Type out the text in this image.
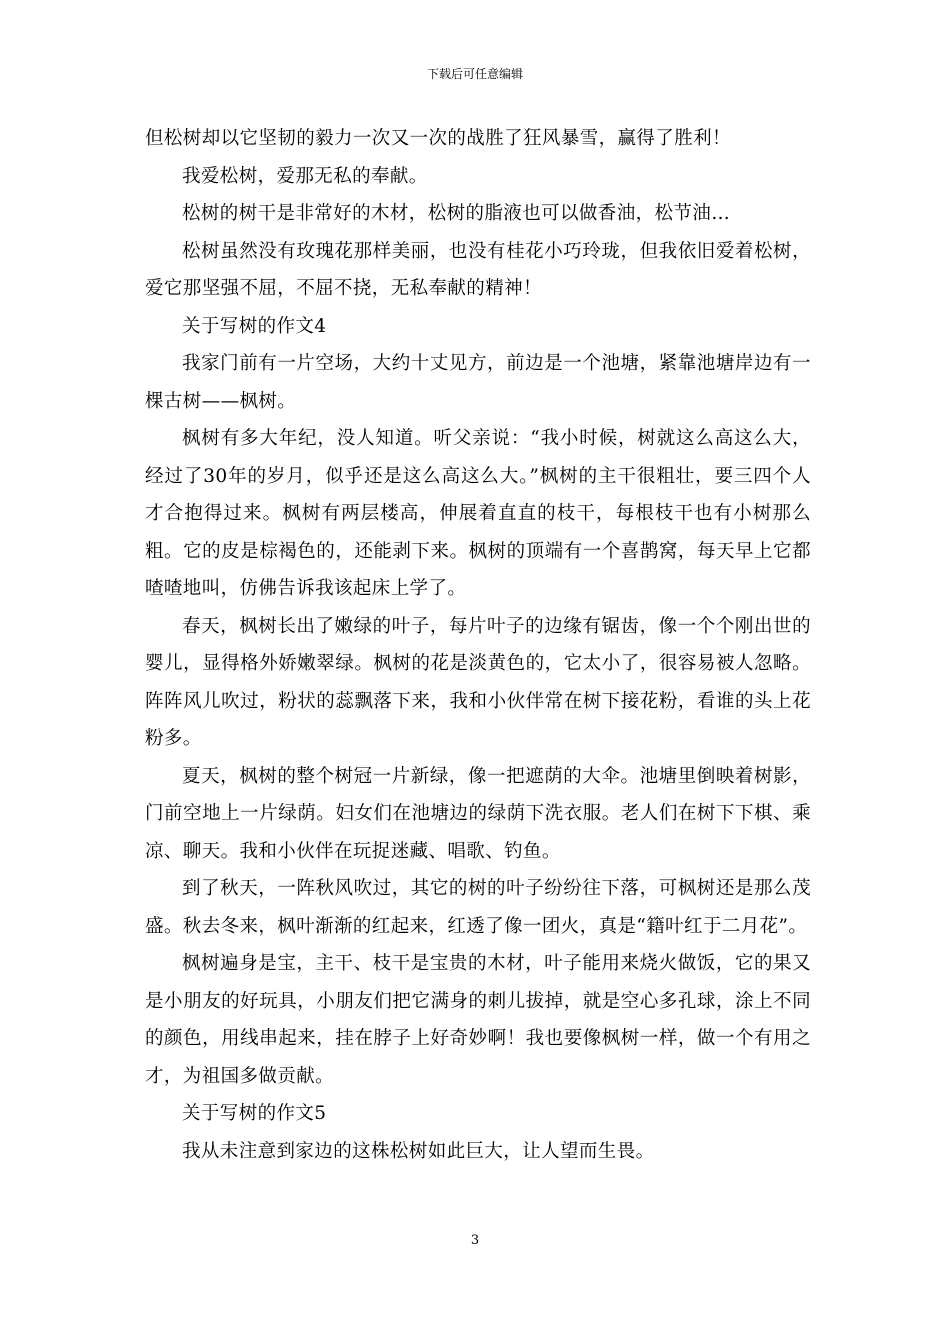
下载后可任意编辑

但松树却以它坚韧的毅力一次又一次的战胜了狂风暴雪，赢得了胜利！

我爱松树，爱那无私的奉献。

松树的树干是非常好的木材，松树的脂液也可以做香油，松节油…

松树虽然没有玫瑰花那样美丽，也没有桂花小巧玲珑，但我依旧爱着松树，爱它那坚强不屈，不屈不挠，无私奉献的精神！

关于写树的作文4

我家门前有一片空场，大约十丈见方，前边是一个池塘，紧靠池塘岸边有一棵古树——枫树。

枫树有多大年纪，没人知道。听父亲说：“我小时候，树就这么高这么大，经过了30年的岁月，似乎还是这么高这么大。”枫树的主干很粗壮，要三四个人才合抱得过来。枫树有两层楼高，伸展着直直的枝干，每根枝干也有小树那么粗。它的皮是棕褐色的，还能剥下来。枫树的顶端有一个喜鹊窝，每天早上它都喳喳地叫，仿佛告诉我该起床上学了。

春天，枫树长出了嫩绿的叶子，每片叶子的边缘有锯齿，像一个个刚出世的婴儿，显得格外娇嫩翠绿。枫树的花是淡黄色的，它太小了，很容易被人忽略。阵阵风儿吹过，粉状的蕊飘落下来，我和小伙伴常在树下接花粉，看谁的头上花粉多。

夏天，枫树的整个树冠一片新绿，像一把遮荫的大伞。池塘里倒映着树影，门前空地上一片绿荫。妇女们在池塘边的绿荫下洗衣服。老人们在树下下棋、乘凉、聊天。我和小伙伴在玩捉迷藏、唱歌、钓鱼。

到了秋天，一阵秋风吹过，其它的树的叶子纷纷往下落，可枫树还是那么茂盛。秋去冬来，枫叶渐渐的红起来，红透了像一团火，真是“籍叶红于二月花”。

枫树遍身是宝，主干、枝干是宝贵的木材，叶子能用来烧火做饭，它的果又是小朋友的好玩具，小朋友们把它满身的刺儿拔掉，就是空心多孔球，涂上不同的颜色，用线串起来，挂在脖子上好奇妙啊！我也要像枫树一样，做一个有用之才，为祖国多做贡献。

关于写树的作文5

我从未注意到家边的这株松树如此巨大，让人望而生畏。

3
